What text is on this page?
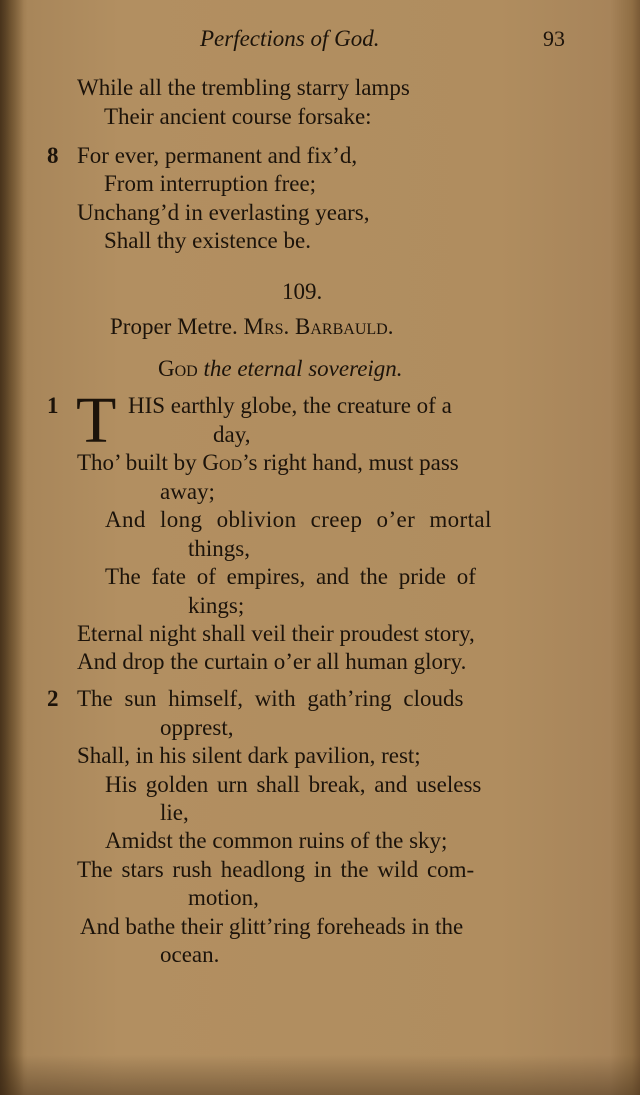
Perfections of God.	93
While all the trembling starry lamps
Their ancient course forsake:
8 For ever, permanent and fix’d,
From interruption free;
Unchang’d in everlasting years,
Shall thy existence be.
109.
Proper Metre. Mrs. Barbauld.
God the eternal sovereign.
1 T HIS earthly globe, the creature of a
day,
Tho’ built by God’s right hand, must pass
away;
And long oblivion creep o’er mortal
things,
The fate of empires, and the pride of
kings;
Eternal night shall veil their proudest story,
And drop the curtain o’er all human glory.
2 The sun himself, with gath’ring clouds
opprest,
Shall, in his silent dark pavilion, rest;
His golden urn shall break, and useless
lie,
Amidst the common ruins of the sky;
The stars rush headlong in the wild com-
motion,
And bathe their glitt’ring foreheads in the
ocean.
